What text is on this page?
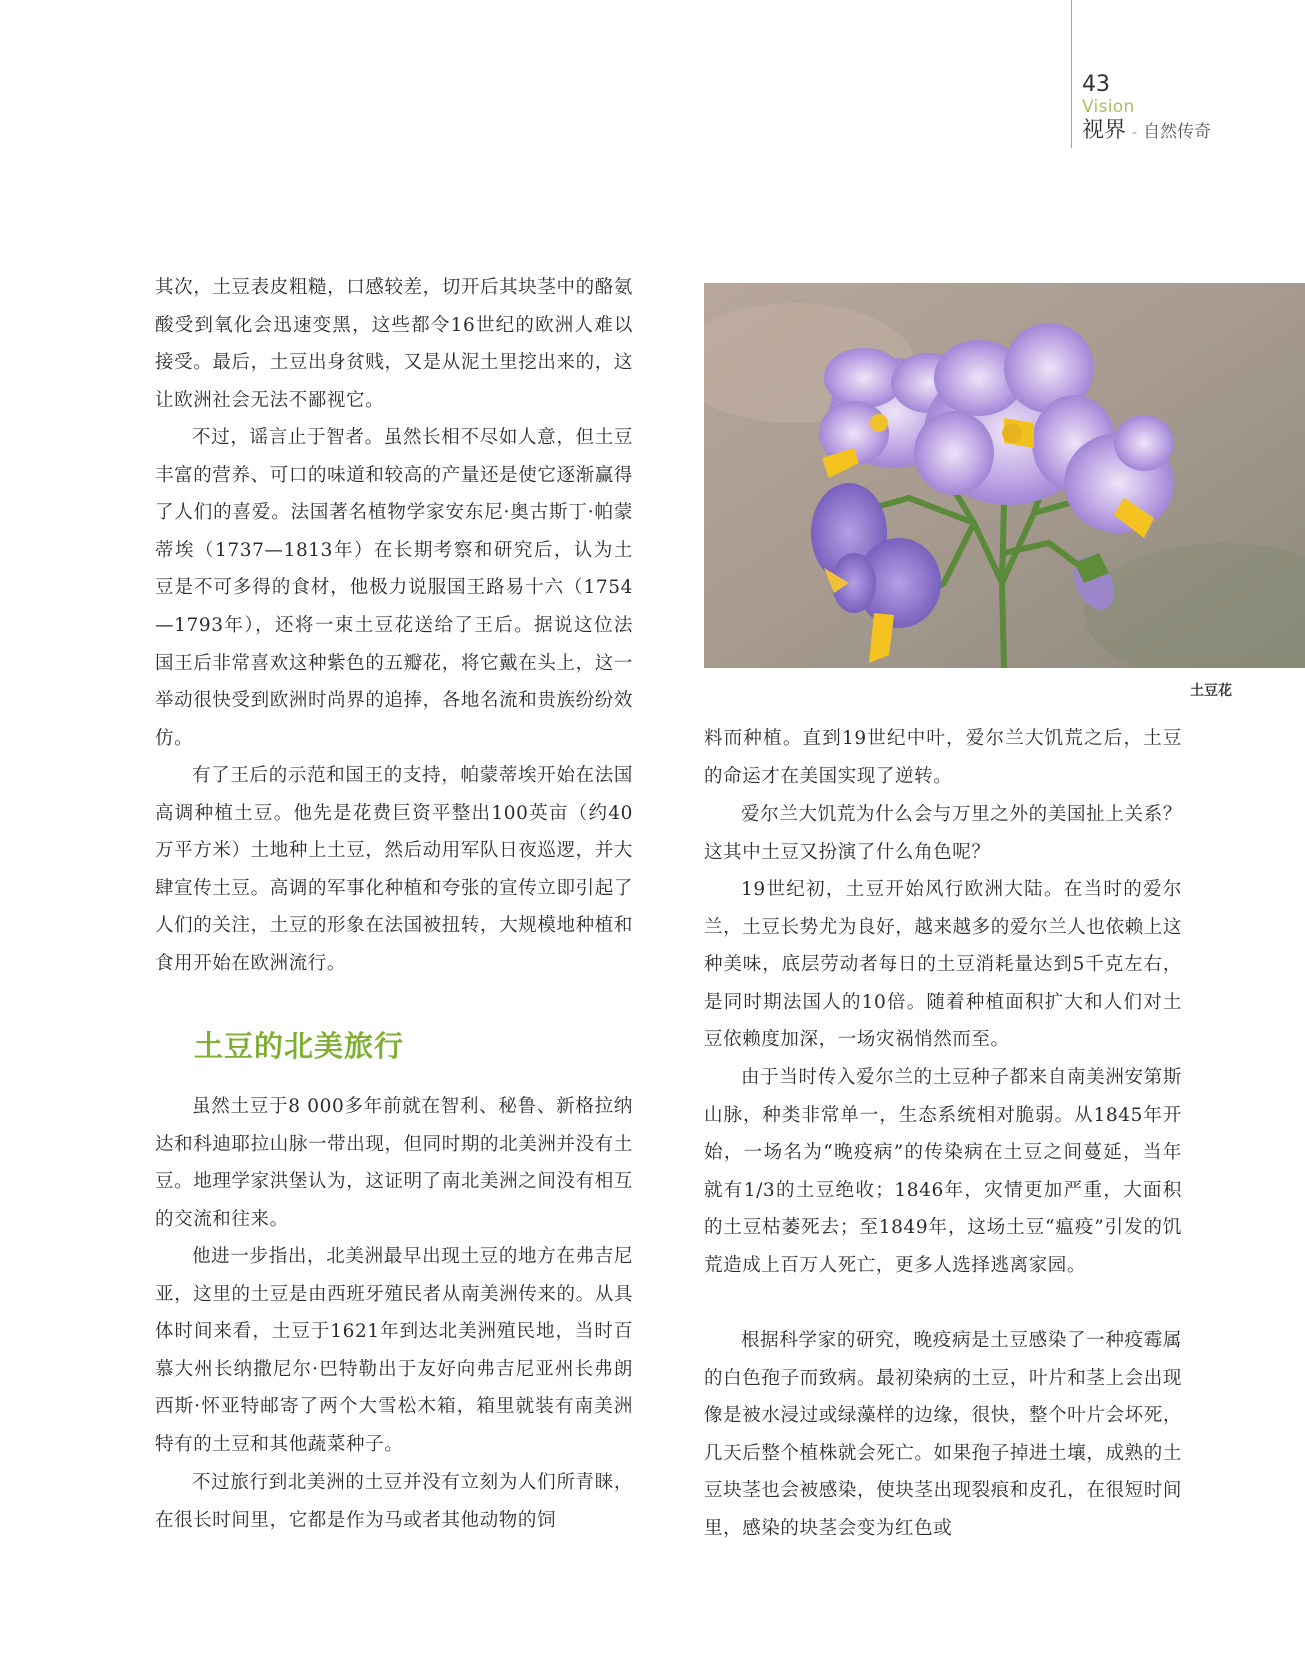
43
Vision
视界 - 自然传奇

其次，土豆表皮粗糙，口感较差，切开后其块茎中的酪氨酸受到氧化会迅速变黑，这些都令16世纪的欧洲人难以接受。最后，土豆出身贫贱，又是从泥土里挖出来的，这让欧洲社会无法不鄙视它。

不过，谣言止于智者。虽然长相不尽如人意，但土豆丰富的营养、可口的味道和较高的产量还是使它逐渐赢得了人们的喜爱。法国著名植物学家安东尼·奥古斯丁·帕蒙蒂埃（1737—1813年）在长期考察和研究后，认为土豆是不可多得的食材，他极力说服国王路易十六（1754—1793年），还将一束土豆花送给了王后。据说这位法国王后非常喜欢这种紫色的五瓣花，将它戴在头上，这一举动很快受到欧洲时尚界的追捧，各地名流和贵族纷纷效仿。

有了王后的示范和国王的支持，帕蒙蒂埃开始在法国高调种植土豆。他先是花费巨资平整出100英亩（约40万平方米）土地种上土豆，然后动用军队日夜巡逻，并大肆宣传土豆。高调的军事化种植和夸张的宣传立即引起了人们的关注，土豆的形象在法国被扭转，大规模地种植和食用开始在欧洲流行。

虽然土豆于8 000多年前就在智利、秘鲁、新格拉纳达和科迪耶拉山脉一带出现，但同时期的北美洲并没有土豆。地理学家洪堡认为，这证明了南北美洲之间没有相互的交流和往来。

他进一步指出，北美洲最早出现土豆的地方在弗吉尼亚，这里的土豆是由西班牙殖民者从南美洲传来的。从具体时间来看，土豆于1621年到达北美洲殖民地，当时百慕大州长纳撒尼尔·巴特勒出于友好向弗吉尼亚州长弗朗西斯·怀亚特邮寄了两个大雪松木箱，箱里就装有南美洲特有的土豆和其他蔬菜种子。

不过旅行到北美洲的土豆并没有立刻为人们所青睐，在很长时间里，它都是作为马或者其他动物的饲

土豆的北美旅行
土豆花

料而种植。直到19世纪中叶，爱尔兰大饥荒之后，土豆的命运才在美国实现了逆转。

爱尔兰大饥荒为什么会与万里之外的美国扯上关系？这其中土豆又扮演了什么角色呢？

19世纪初，土豆开始风行欧洲大陆。在当时的爱尔兰，土豆长势尤为良好，越来越多的爱尔兰人也依赖上这种美味，底层劳动者每日的土豆消耗量达到5千克左右，是同时期法国人的10倍。随着种植面积扩大和人们对土豆依赖度加深，一场灾祸悄然而至。

由于当时传入爱尔兰的土豆种子都来自南美洲安第斯山脉，种类非常单一，生态系统相对脆弱。从1845年开始，一场名为“晚疫病”的传染病在土豆之间蔓延，当年就有1/3的土豆绝收；1846年，灾情更加严重，大面积的土豆枯萎死去；至1849年，这场土豆“瘟疫”引发的饥荒造成上百万人死亡，更多人选择逃离家园。

根据科学家的研究，晚疫病是土豆感染了一种疫霉属的白色孢子而致病。最初染病的土豆，叶片和茎上会出现像是被水浸过或绿藻样的边缘，很快，整个叶片会坏死，几天后整个植株就会死亡。如果孢子掉进土壤，成熟的土豆块茎也会被感染，使块茎出现裂痕和皮孔，在很短时间里，感染的块茎会变为红色或
